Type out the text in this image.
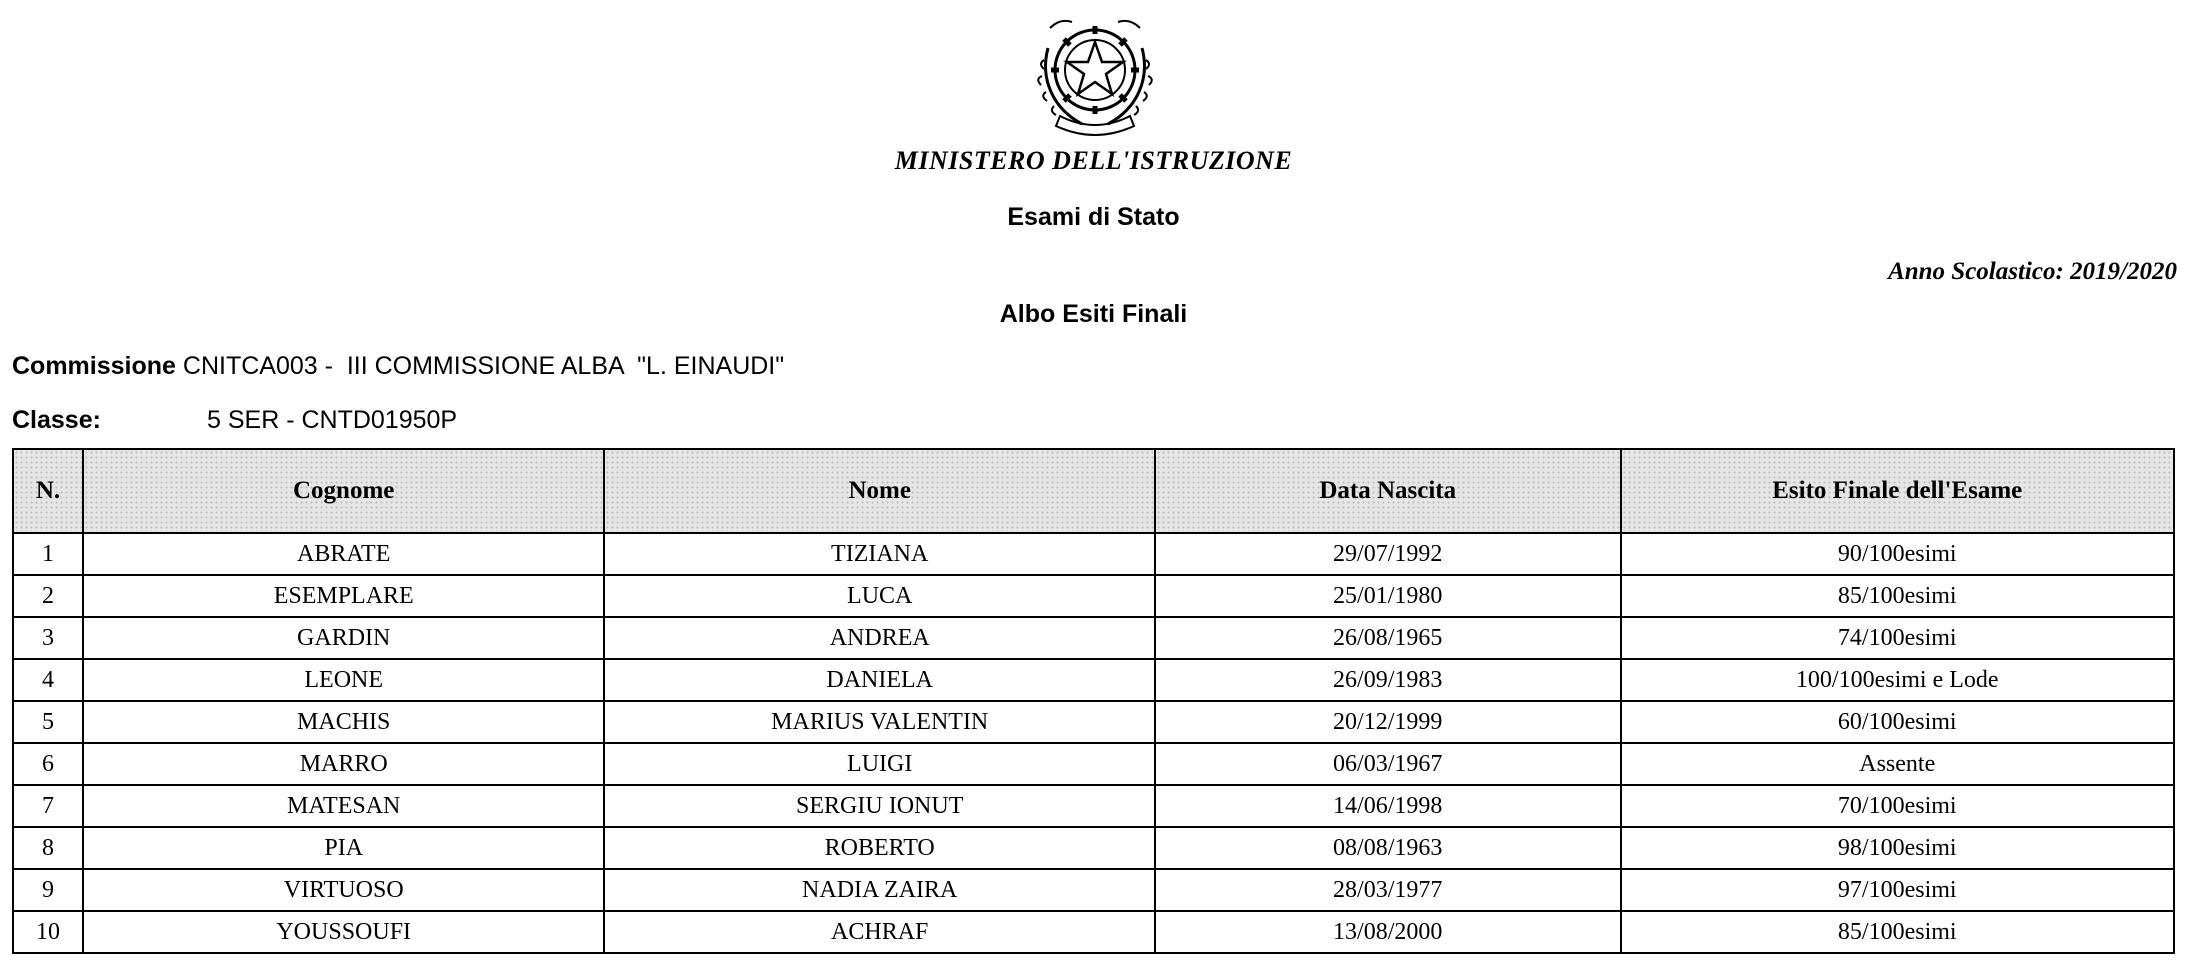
MINISTERO DELL'ISTRUZIONE
Esami di Stato
Anno Scolastico: 2019/2020
Albo Esiti Finali
Commissione CNITCA003 -  III COMMISSIONE ALBA  "L. EINAUDI"
Classe:	5 SER - CNTD01950P
N.	Cognome	Nome	Data Nascita	Esito Finale dell'Esame
1	ABRATE	TIZIANA	29/07/1992	90/100esimi
2	ESEMPLARE	LUCA	25/01/1980	85/100esimi
3	GARDIN	ANDREA	26/08/1965	74/100esimi
4	LEONE	DANIELA	26/09/1983	100/100esimi e Lode
5	MACHIS	MARIUS VALENTIN	20/12/1999	60/100esimi
6	MARRO	LUIGI	06/03/1967	Assente
7	MATESAN	SERGIU IONUT	14/06/1998	70/100esimi
8	PIA	ROBERTO	08/08/1963	98/100esimi
9	VIRTUOSO	NADIA ZAIRA	28/03/1977	97/100esimi
10	YOUSSOUFI	ACHRAF	13/08/2000	85/100esimi
